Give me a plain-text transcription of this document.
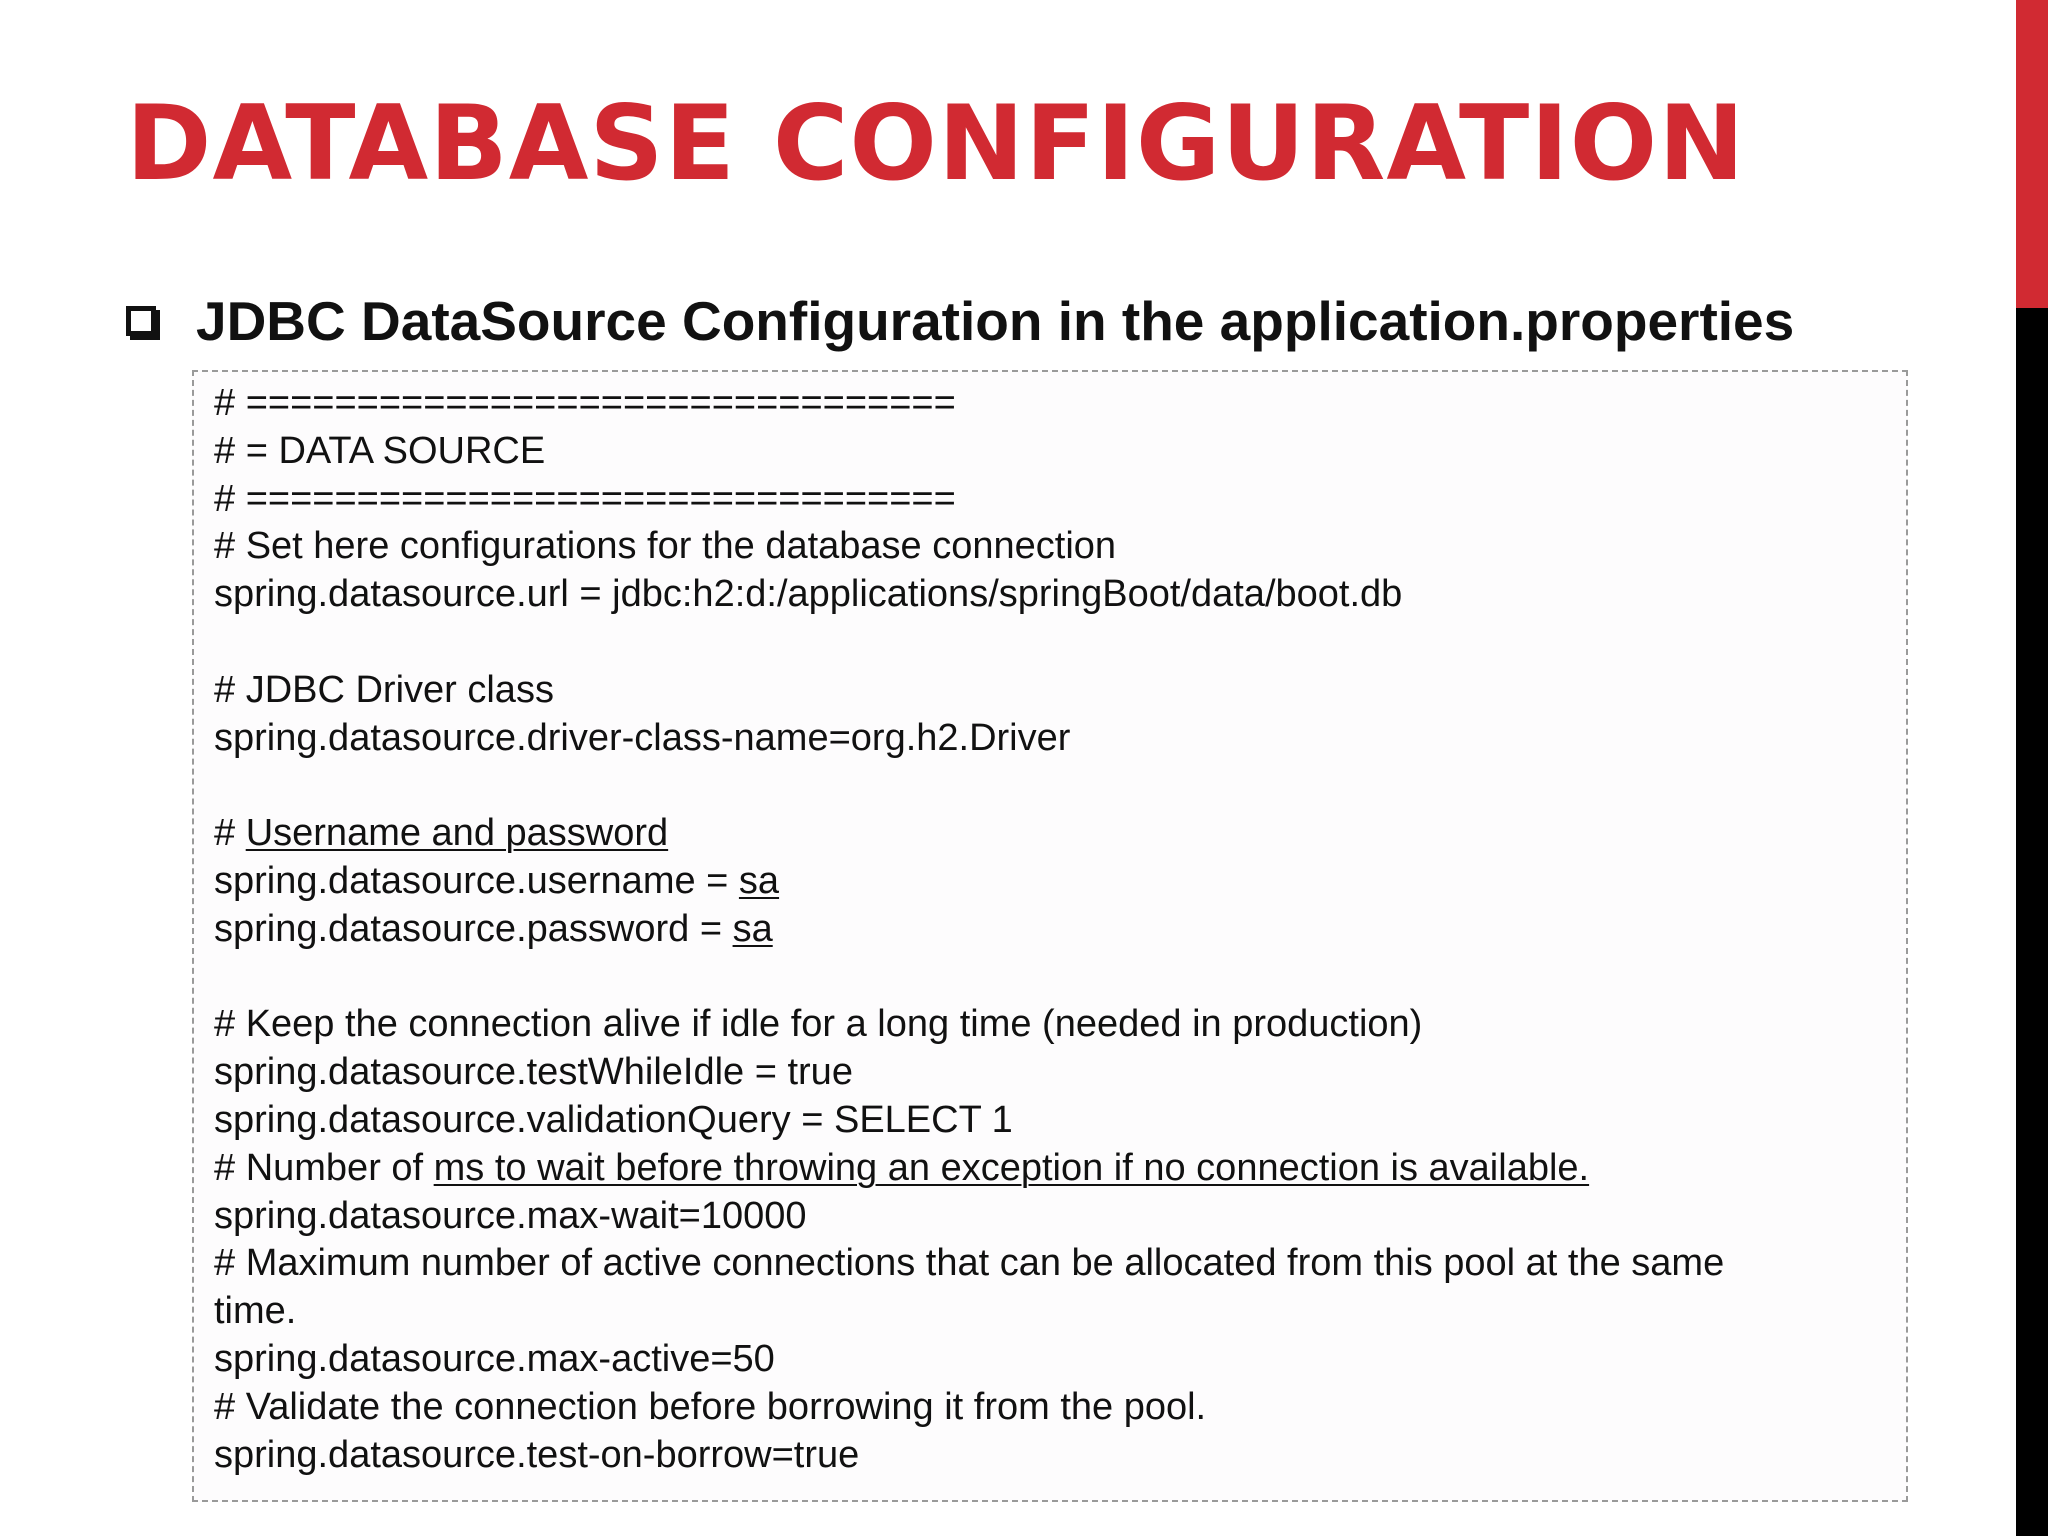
DATABASE CONFIGURATION
JDBC DataSource Configuration in the application.properties
# ================================
# = DATA SOURCE
# ================================
# Set here configurations for the database connection
spring.datasource.url = jdbc:h2:d:/applications/springBoot/data/boot.db
# JDBC Driver class
spring.datasource.driver-class-name=org.h2.Driver
# Username and password
spring.datasource.username = sa
spring.datasource.password = sa
# Keep the connection alive if idle for a long time (needed in production)
spring.datasource.testWhileIdle = true
spring.datasource.validationQuery = SELECT 1
# Number of ms to wait before throwing an exception if no connection is available.
spring.datasource.max-wait=10000
# Maximum number of active connections that can be allocated from this pool at the same
time.
spring.datasource.max-active=50
# Validate the connection before borrowing it from the pool.
spring.datasource.test-on-borrow=true
